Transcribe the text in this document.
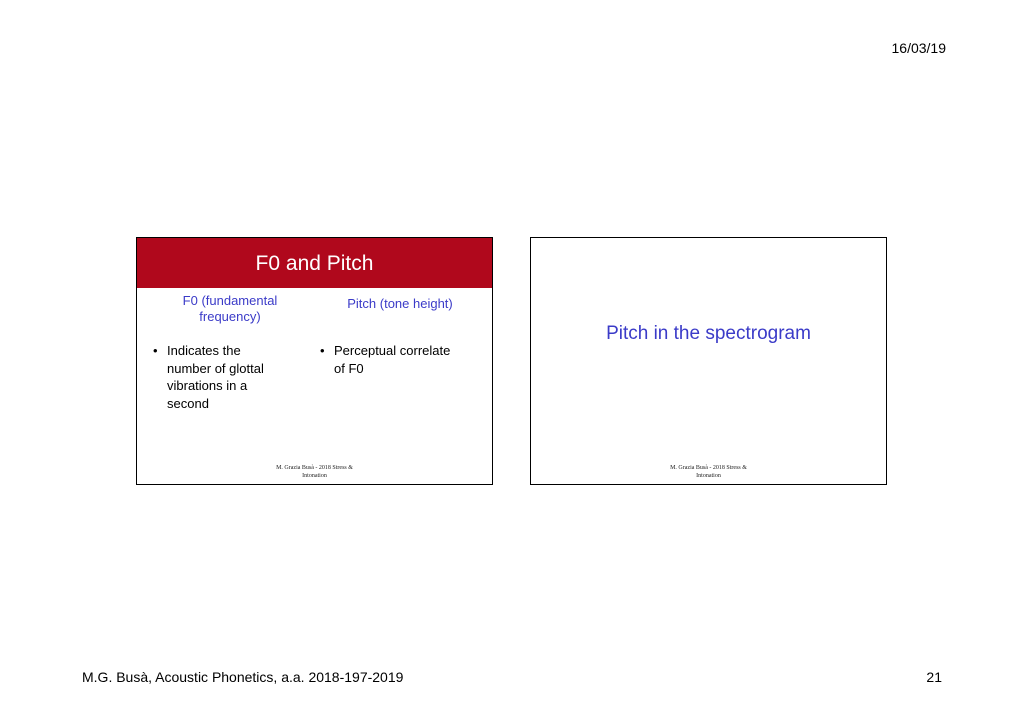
16/03/19
F0 and Pitch
F0 (fundamental
frequency)
Pitch (tone height)
• Indicates the
number of glottal
vibrations in a
second
• Perceptual correlate
of F0
M. Grazia Busà - 2018 Stress &
Intonation
Pitch in the spectrogram
M. Grazia Busà - 2018 Stress &
Intonation
M.G. Busà, Acoustic Phonetics, a.a. 2018-197-2019	21
